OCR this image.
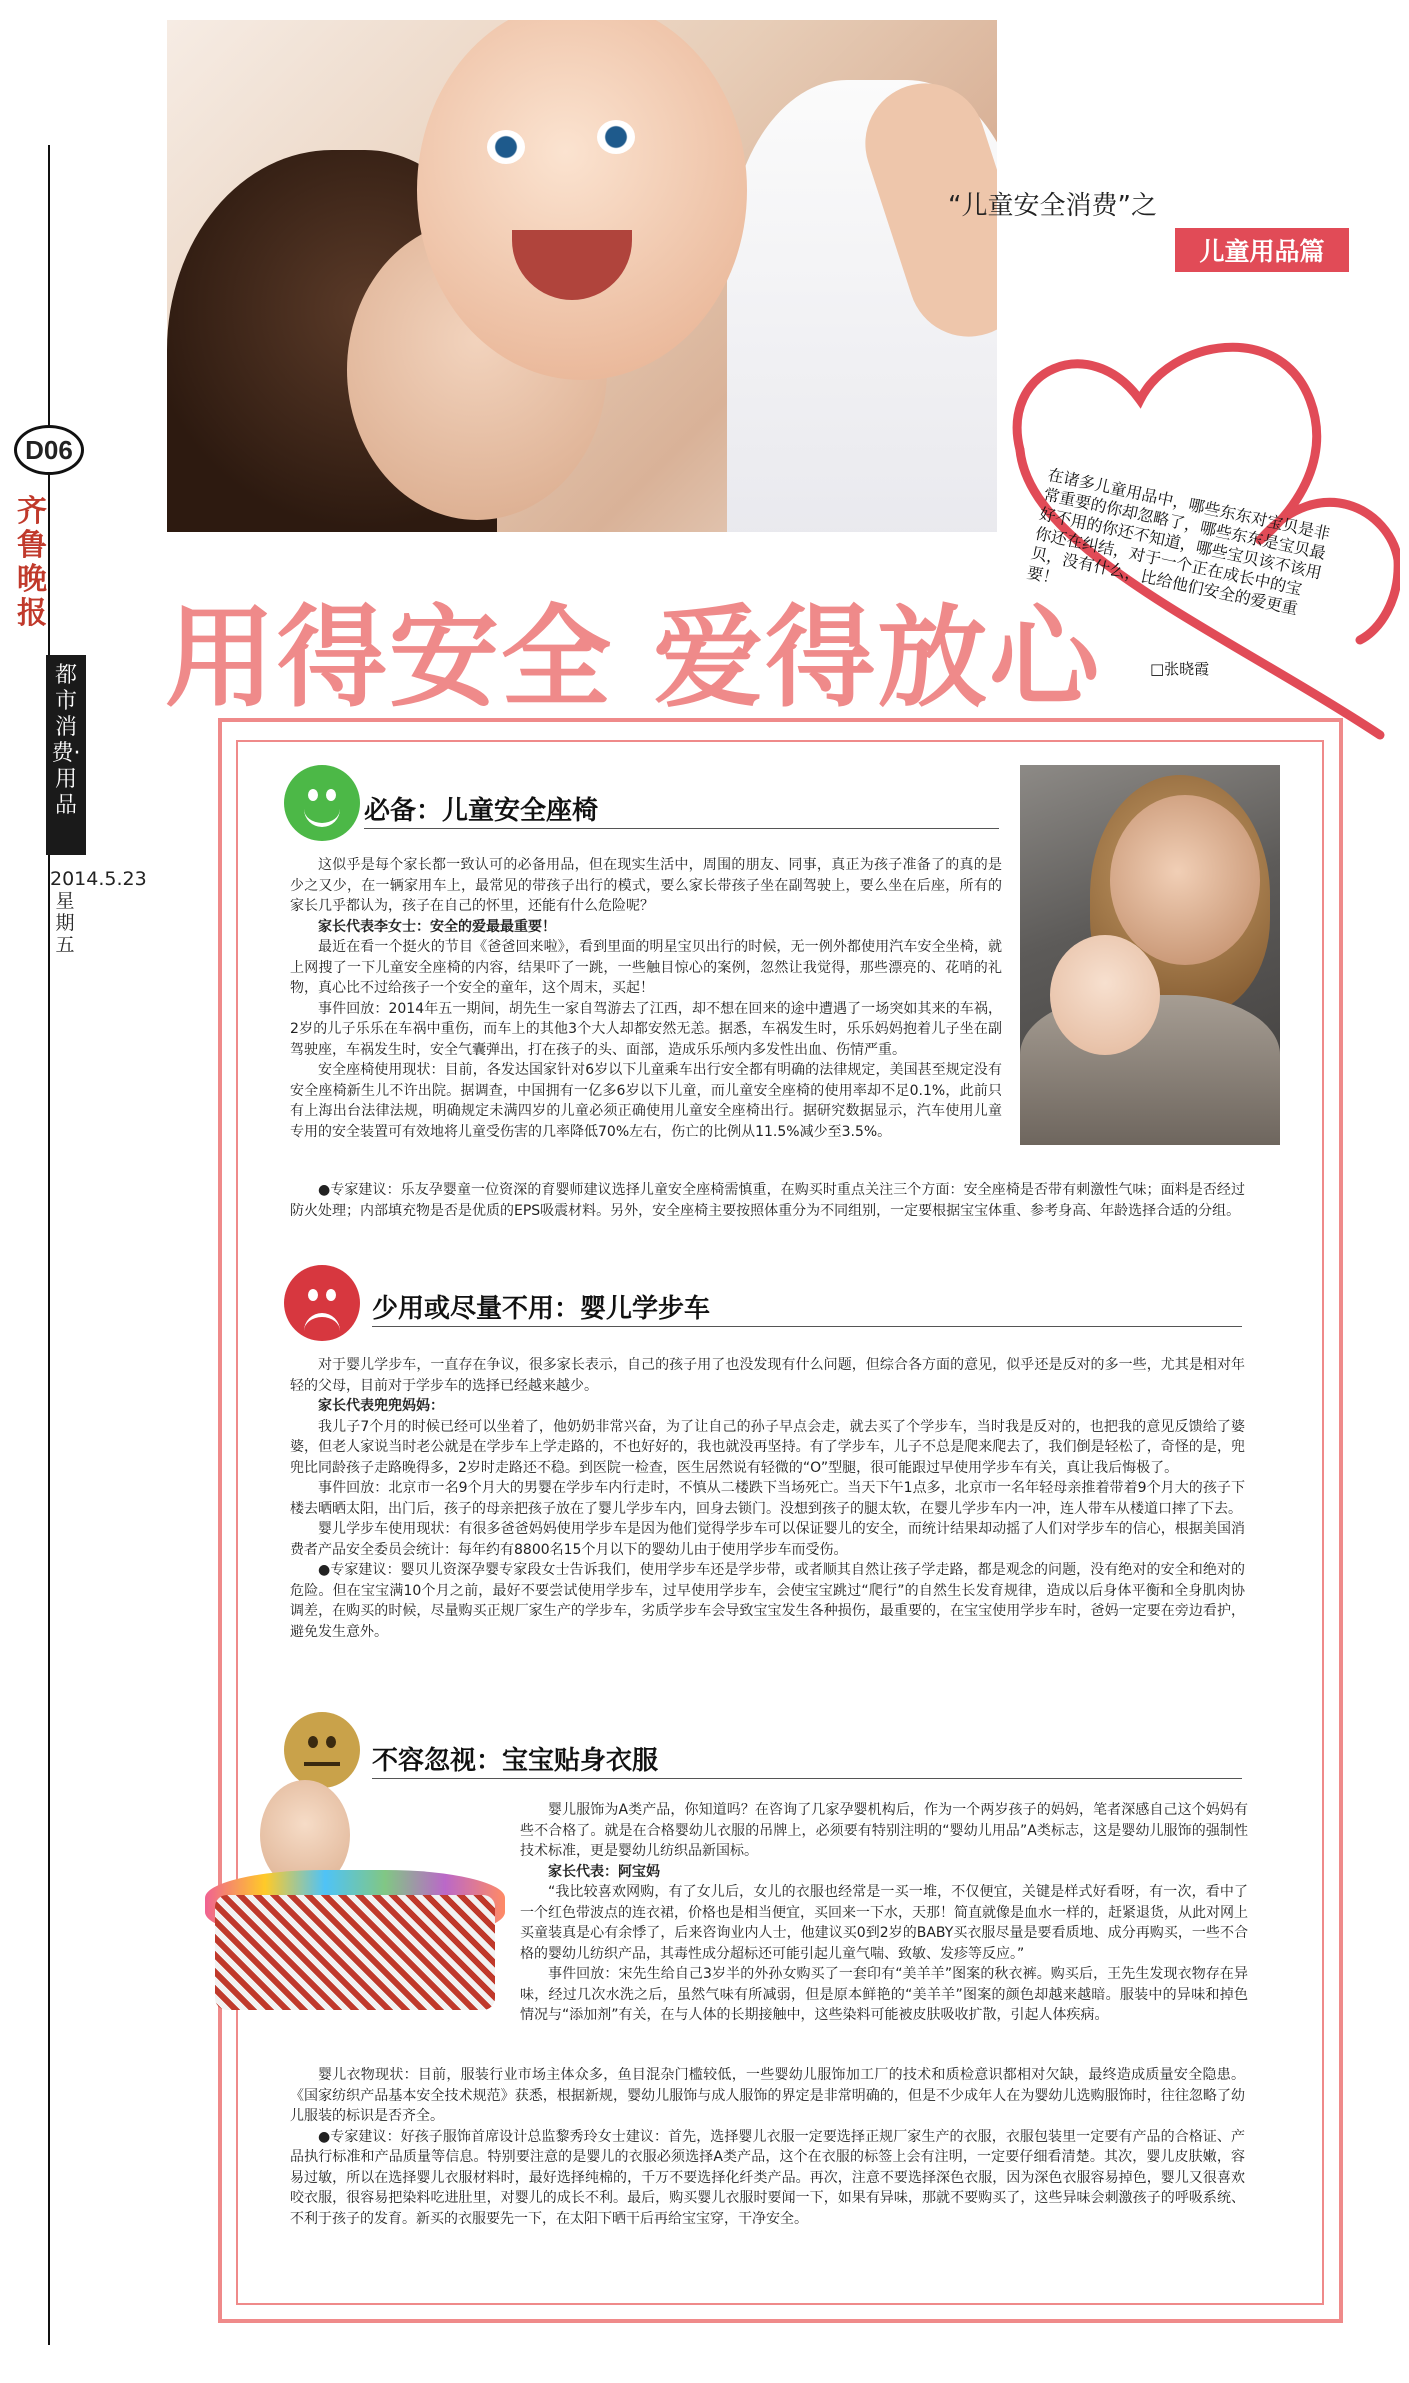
D06
齐鲁晚报
都市消费·用品
2014.5.23 星期五
“儿童安全消费”之
儿童用品篇
在诸多儿童用品中，哪些东东对宝贝是非常重要的你却忽略了，哪些东东是宝贝最好不用的你还不知道，哪些宝贝该不该用你还在纠结，对于一个正在成长中的宝贝，没有什么，比给他们安全的爱更重要！
□张晓霞
用得安全 爱得放心
必备：儿童安全座椅

这似乎是每个家长都一致认可的必备用品，但在现实生活中，周围的朋友、同事，真正为孩子准备了的真的是少之又少，在一辆家用车上，最常见的带孩子出行的模式，要么家长带孩子坐在副驾驶上，要么坐在后座，所有的家长几乎都认为，孩子在自己的怀里，还能有什么危险呢？

家长代表李女士：安全的爱最最重要！

最近在看一个挺火的节目《爸爸回来啦》，看到里面的明星宝贝出行的时候，无一例外都使用汽车安全坐椅，就上网搜了一下儿童安全座椅的内容，结果吓了一跳，一些触目惊心的案例，忽然让我觉得，那些漂亮的、花哨的礼物，真心比不过给孩子一个安全的童年，这个周末，买起！

事件回放：2014年五一期间，胡先生一家自驾游去了江西，却不想在回来的途中遭遇了一场突如其来的车祸，2岁的儿子乐乐在车祸中重伤，而车上的其他3个大人却都安然无恙。据悉，车祸发生时，乐乐妈妈抱着儿子坐在副驾驶座，车祸发生时，安全气囊弹出，打在孩子的头、面部，造成乐乐颅内多发性出血、伤情严重。

安全座椅使用现状：目前，各发达国家针对6岁以下儿童乘车出行安全都有明确的法律规定，美国甚至规定没有安全座椅新生儿不许出院。据调查，中国拥有一亿多6岁以下儿童，而儿童安全座椅的使用率却不足0.1%，此前只有上海出台法律法规，明确规定未满四岁的儿童必须正确使用儿童安全座椅出行。据研究数据显示，汽车使用儿童专用的安全装置可有效地将儿童受伤害的几率降低70%左右，伤亡的比例从11.5%减少至3.5%。

●专家建议：乐友孕婴童一位资深的育婴师建议选择儿童安全座椅需慎重，在购买时重点关注三个方面：安全座椅是否带有刺激性气味；面料是否经过防火处理；内部填充物是否是优质的EPS吸震材料。另外，安全座椅主要按照体重分为不同组别，一定要根据宝宝体重、参考身高、年龄选择合适的分组。

少用或尽量不用：婴儿学步车

对于婴儿学步车，一直存在争议，很多家长表示，自己的孩子用了也没发现有什么问题，但综合各方面的意见，似乎还是反对的多一些，尤其是相对年轻的父母，目前对于学步车的选择已经越来越少。

家长代表兜兜妈妈：

我儿子7个月的时候已经可以坐着了，他奶奶非常兴奋，为了让自己的孙子早点会走，就去买了个学步车，当时我是反对的，也把我的意见反馈给了婆婆，但老人家说当时老公就是在学步车上学走路的，不也好好的，我也就没再坚持。有了学步车，儿子不总是爬来爬去了，我们倒是轻松了，奇怪的是，兜兜比同龄孩子走路晚得多，2岁时走路还不稳。到医院一检查，医生居然说有轻微的“O”型腿，很可能跟过早使用学步车有关，真让我后悔极了。

事件回放：北京市一名9个月大的男婴在学步车内行走时，不慎从二楼跌下当场死亡。当天下午1点多，北京市一名年轻母亲推着带着9个月大的孩子下楼去晒晒太阳，出门后，孩子的母亲把孩子放在了婴儿学步车内，回身去锁门。没想到孩子的腿太软，在婴儿学步车内一冲，连人带车从楼道口摔了下去。

婴儿学步车使用现状：有很多爸爸妈妈使用学步车是因为他们觉得学步车可以保证婴儿的安全，而统计结果却动摇了人们对学步车的信心，根据美国消费者产品安全委员会统计：每年约有8800名15个月以下的婴幼儿由于使用学步车而受伤。

●专家建议：婴贝儿资深孕婴专家段女士告诉我们，使用学步车还是学步带，或者顺其自然让孩子学走路，都是观念的问题，没有绝对的安全和绝对的危险。但在宝宝满10个月之前，最好不要尝试使用学步车，过早使用学步车，会使宝宝跳过“爬行”的自然生长发育规律，造成以后身体平衡和全身肌肉协调差，在购买的时候，尽量购买正规厂家生产的学步车，劣质学步车会导致宝宝发生各种损伤，最重要的，在宝宝使用学步车时，爸妈一定要在旁边看护，避免发生意外。

不容忽视：宝宝贴身衣服

婴儿服饰为A类产品，你知道吗？在咨询了几家孕婴机构后，作为一个两岁孩子的妈妈，笔者深感自己这个妈妈有些不合格了。就是在合格婴幼儿衣服的吊牌上，必须要有特别注明的“婴幼儿用品”A类标志，这是婴幼儿服饰的强制性技术标准，更是婴幼儿纺织品新国标。

家长代表：阿宝妈

“我比较喜欢网购，有了女儿后，女儿的衣服也经常是一买一堆，不仅便宜，关键是样式好看呀，有一次，看中了一个红色带波点的连衣裙，价格也是相当便宜，买回来一下水，天那！简直就像是血水一样的，赶紧退货，从此对网上买童装真是心有余悸了，后来咨询业内人士，他建议买0到2岁的BABY买衣服尽量是要看质地、成分再购买，一些不合格的婴幼儿纺织产品，其毒性成分超标还可能引起儿童气喘、致敏、发疹等反应。”

事件回放：宋先生给自己3岁半的外孙女购买了一套印有“美羊羊”图案的秋衣裤。购买后，王先生发现衣物存在异味，经过几次水洗之后，虽然气味有所减弱，但是原本鲜艳的“美羊羊”图案的颜色却越来越暗。服装中的异味和掉色情况与“添加剂”有关，在与人体的长期接触中，这些染料可能被皮肤吸收扩散，引起人体疾病。

婴儿衣物现状：目前，服装行业市场主体众多，鱼目混杂门槛较低，一些婴幼儿服饰加工厂的技术和质检意识都相对欠缺，最终造成质量安全隐患。《国家纺织产品基本安全技术规范》获悉，根据新规，婴幼儿服饰与成人服饰的界定是非常明确的，但是不少成年人在为婴幼儿选购服饰时，往往忽略了幼儿服装的标识是否齐全。

●专家建议：好孩子服饰首席设计总监黎秀玲女士建议：首先，选择婴儿衣服一定要选择正规厂家生产的衣服，衣服包装里一定要有产品的合格证、产品执行标准和产品质量等信息。特别要注意的是婴儿的衣服必须选择A类产品，这个在衣服的标签上会有注明，一定要仔细看清楚。其次，婴儿皮肤嫩，容易过敏，所以在选择婴儿衣服材料时，最好选择纯棉的，千万不要选择化纤类产品。再次，注意不要选择深色衣服，因为深色衣服容易掉色，婴儿又很喜欢咬衣服，很容易把染料吃进肚里，对婴儿的成长不利。最后，购买婴儿衣服时要闻一下，如果有异味，那就不要购买了，这些异味会刺激孩子的呼吸系统、不利于孩子的发育。新买的衣服要先一下，在太阳下晒干后再给宝宝穿，干净安全。
